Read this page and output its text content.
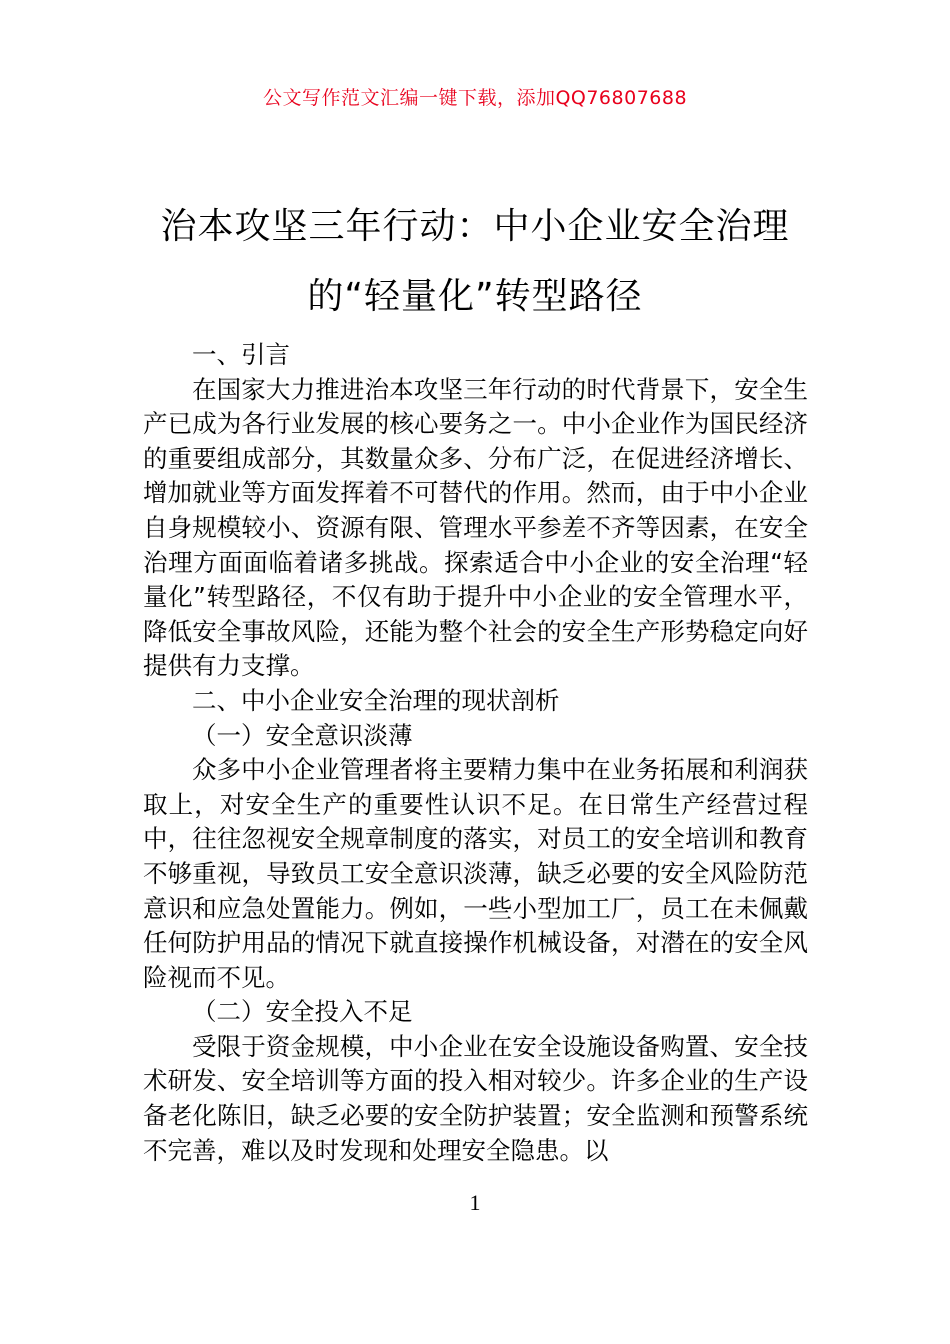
公文写作范文汇编一键下载，添加QQ76807688
治本攻坚三年行动：中小企业安全治理的“轻量化”转型路径

一、引言

在国家大力推进治本攻坚三年行动的时代背景下，安全生产已成为各行业发展的核心要务之一。中小企业作为国民经济的重要组成部分，其数量众多、分布广泛，在促进经济增长、增加就业等方面发挥着不可替代的作用。然而，由于中小企业自身规模较小、资源有限、管理水平参差不齐等因素，在安全治理方面面临着诸多挑战。探索适合中小企业的安全治理“轻量化”转型路径，不仅有助于提升中小企业的安全管理水平，降低安全事故风险，还能为整个社会的安全生产形势稳定向好提供有力支撑。

二、中小企业安全治理的现状剖析

（一）安全意识淡薄

众多中小企业管理者将主要精力集中在业务拓展和利润获取上，对安全生产的重要性认识不足。在日常生产经营过程中，往往忽视安全规章制度的落实，对员工的安全培训和教育不够重视，导致员工安全意识淡薄，缺乏必要的安全风险防范意识和应急处置能力。例如，一些小型加工厂，员工在未佩戴任何防护用品的情况下就直接操作机械设备，对潜在的安全风险视而不见。

（二）安全投入不足

受限于资金规模，中小企业在安全设施设备购置、安全技术研发、安全培训等方面的投入相对较少。许多企业的生产设备老化陈旧，缺乏必要的安全防护装置；安全监测和预警系统不完善，难以及时发现和处理安全隐患。以

1
